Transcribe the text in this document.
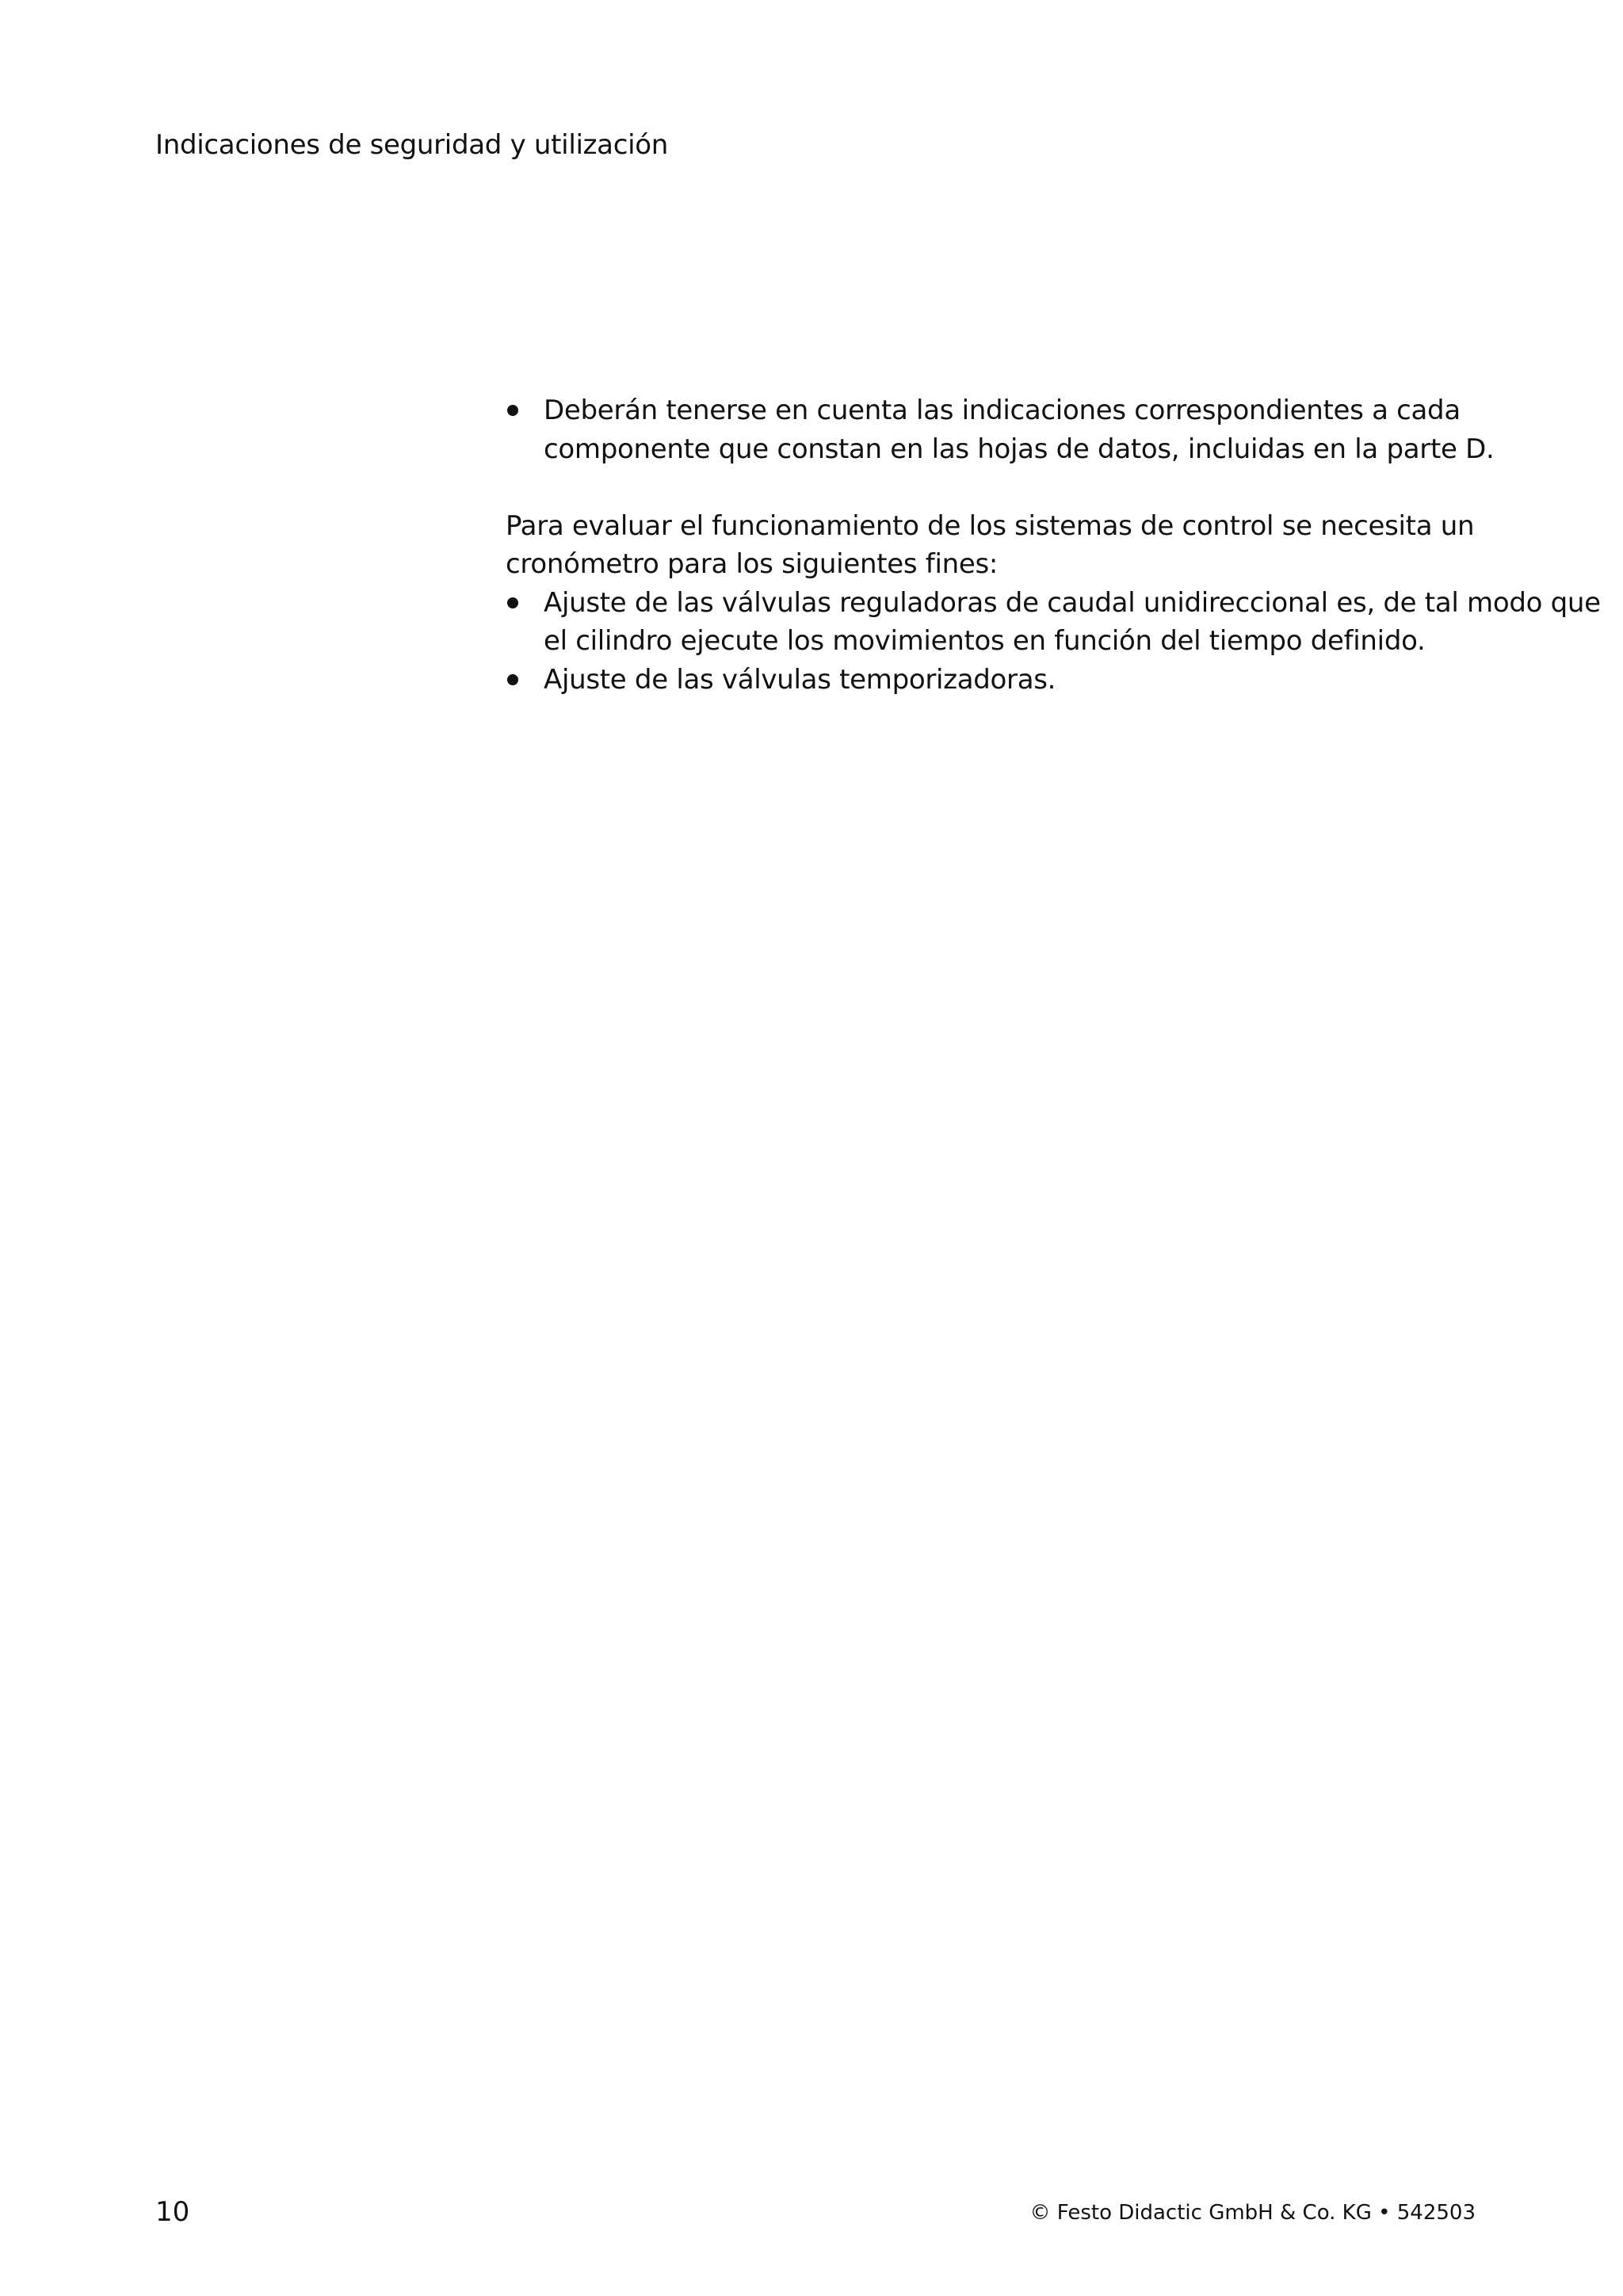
Indicaciones de seguridad y utilización
Deberán tenerse en cuenta las indicaciones correspondientes a cada
componente que constan en las hojas de datos, incluidas en la parte D.

Para evaluar el funcionamiento de los sistemas de control se necesita un
cronómetro para los siguientes fines:

Ajuste de las válvulas reguladoras de caudal unidireccional es, de tal modo que
el cilindro ejecute los movimientos en función del tiempo definido.
Ajuste de las válvulas temporizadoras.
10	© Festo Didactic GmbH & Co. KG • 542503
